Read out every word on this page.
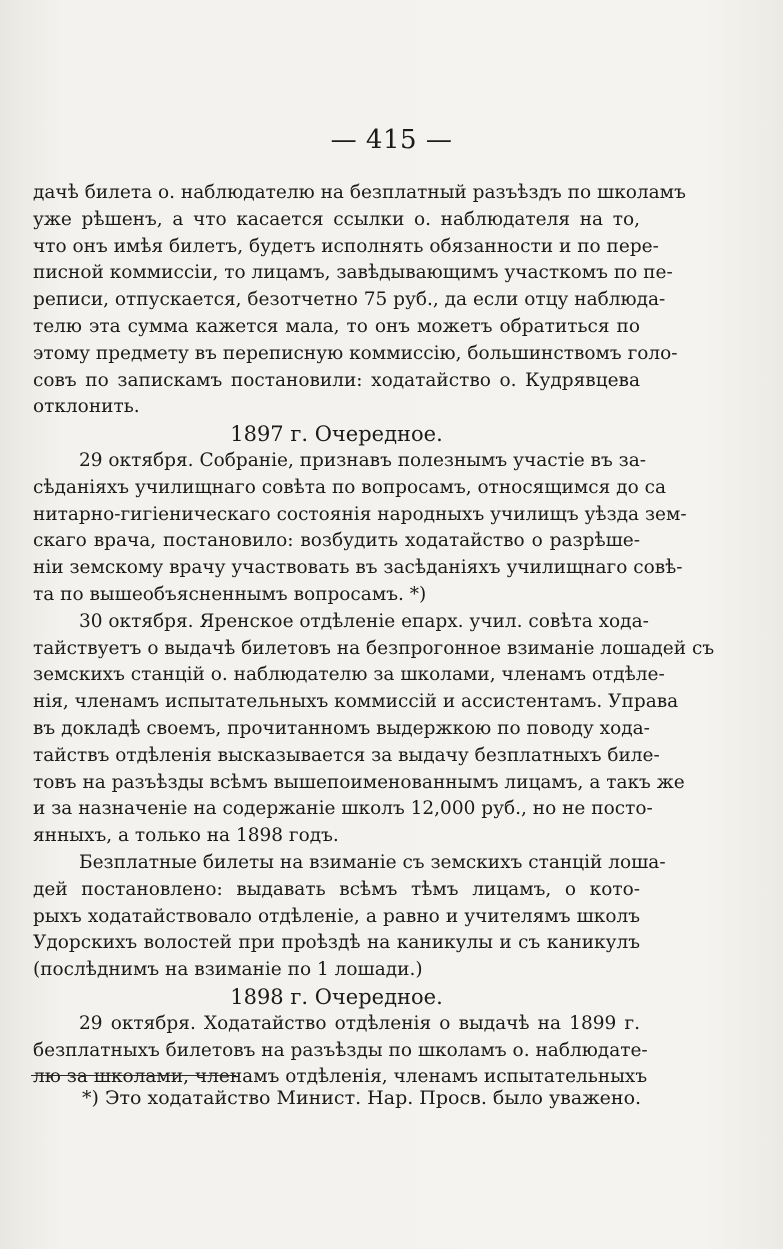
— 415 —
дачѣ билета о. наблюдателю на безплатный разъѣздъ по школамъ
уже рѣшенъ, а что касается ссылки о. наблюдателя на то,
что онъ имѣя билетъ, будетъ исполнять обязанности и по пере-
писной коммиссіи, то лицамъ, завѣдывающимъ участкомъ по пе-
реписи, отпускается, безотчетно 75 руб., да если отцу наблюда-
телю эта сумма кажется мала, то онъ можетъ обратиться по
этому предмету въ переписную коммиссію, большинствомъ голо-
совъ по запискамъ постановили: ходатайство о. Кудрявцева
отклонить.
1897 г. Очередное.
29 октября. Собраніе, признавъ полезнымъ участіе въ за-
сѣданіяхъ училищнаго совѣта по вопросамъ, относящимся до са
нитарно-гигіеническаго состоянія народныхъ училищъ уѣзда зем-
скаго врача, постановило: возбудить ходатайство о разрѣше-
ніи земскому врачу участвовать въ засѣданіяхъ училищнаго совѣ-
та по вышеобъясненнымъ вопросамъ. *)
30 октября. Яренское отдѣленіе епарх. учил. совѣта хода-
тайствуетъ о выдачѣ билетовъ на безпрогонное взиманіе лошадей съ
земскихъ станцій о. наблюдателю за школами, членамъ отдѣле-
нія, членамъ испытательныхъ коммиссій и ассистентамъ. Управа
въ докладѣ своемъ, прочитанномъ выдержкою по поводу хода-
тайствъ отдѣленія высказывается за выдачу безплатныхъ биле-
товъ на разъѣзды всѣмъ вышепоименованнымъ лицамъ, а такъ же
и за назначеніе на содержаніе школъ 12,000 руб., но не посто-
янныхъ, а только на 1898 годъ.
Безплатные билеты на взиманіе съ земскихъ станцій лоша-
дей постановлено: выдавать всѣмъ тѣмъ лицамъ, о кото-
рыхъ ходатайствовало отдѣленіе, а равно и учителямъ школъ
Удорскихъ волостей при проѣздѣ на каникулы и съ каникулъ
(послѣднимъ на взиманіе по 1 лошади.)
1898 г. Очередное.
29 октября. Ходатайство отдѣленія о выдачѣ на 1899 г.
безплатныхъ билетовъ на разъѣзды по школамъ о. наблюдате-
лю за школами, членамъ отдѣленія, членамъ испытательныхъ
*) Это ходатайство Минист. Нар. Просв. было уважено.
